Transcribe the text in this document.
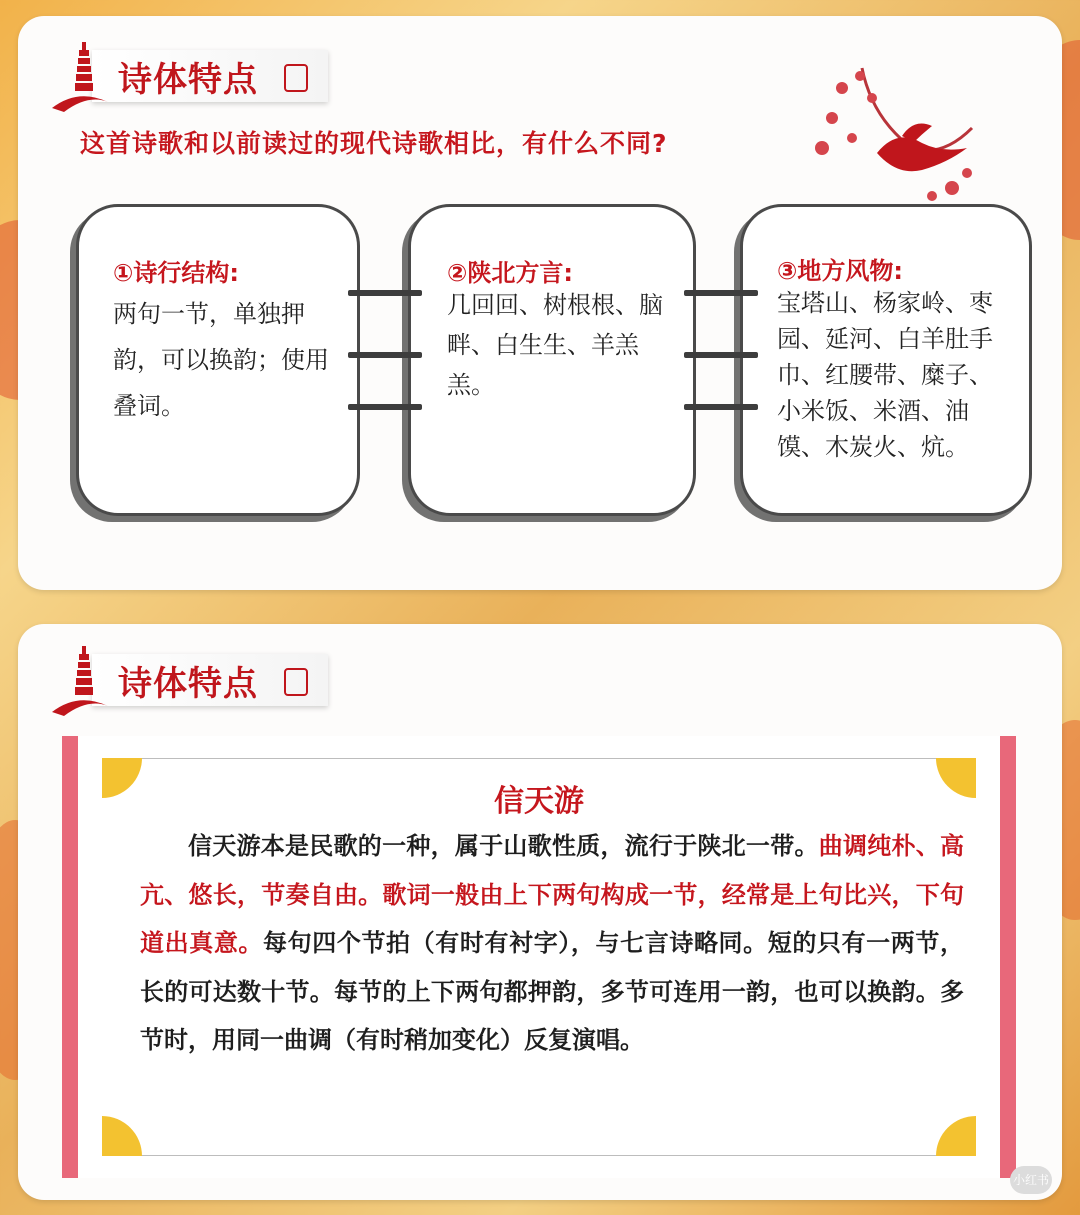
诗体特点
这首诗歌和以前读过的现代诗歌相比，有什么不同?
①诗行结构:

两句一节，单独押韵，可以换韵；使用叠词。

②陕北方言:

几回回、树根根、脑畔、白生生、羊羔羔。

③地方风物:

宝塔山、杨家岭、枣园、延河、白羊肚手巾、红腰带、糜子、小米饭、米酒、油馍、木炭火、炕。

诗体特点
信天游

信天游本是民歌的一种，属于山歌性质，流行于陕北一带。曲调纯朴、高亢、悠长，节奏自由。歌词一般由上下两句构成一节，经常是上句比兴，下句道出真意。每句四个节拍（有时有衬字），与七言诗略同。短的只有一两节，长的可达数十节。每节的上下两句都押韵，多节可连用一韵，也可以换韵。多节时，用同一曲调（有时稍加变化）反复演唱。

小红书
